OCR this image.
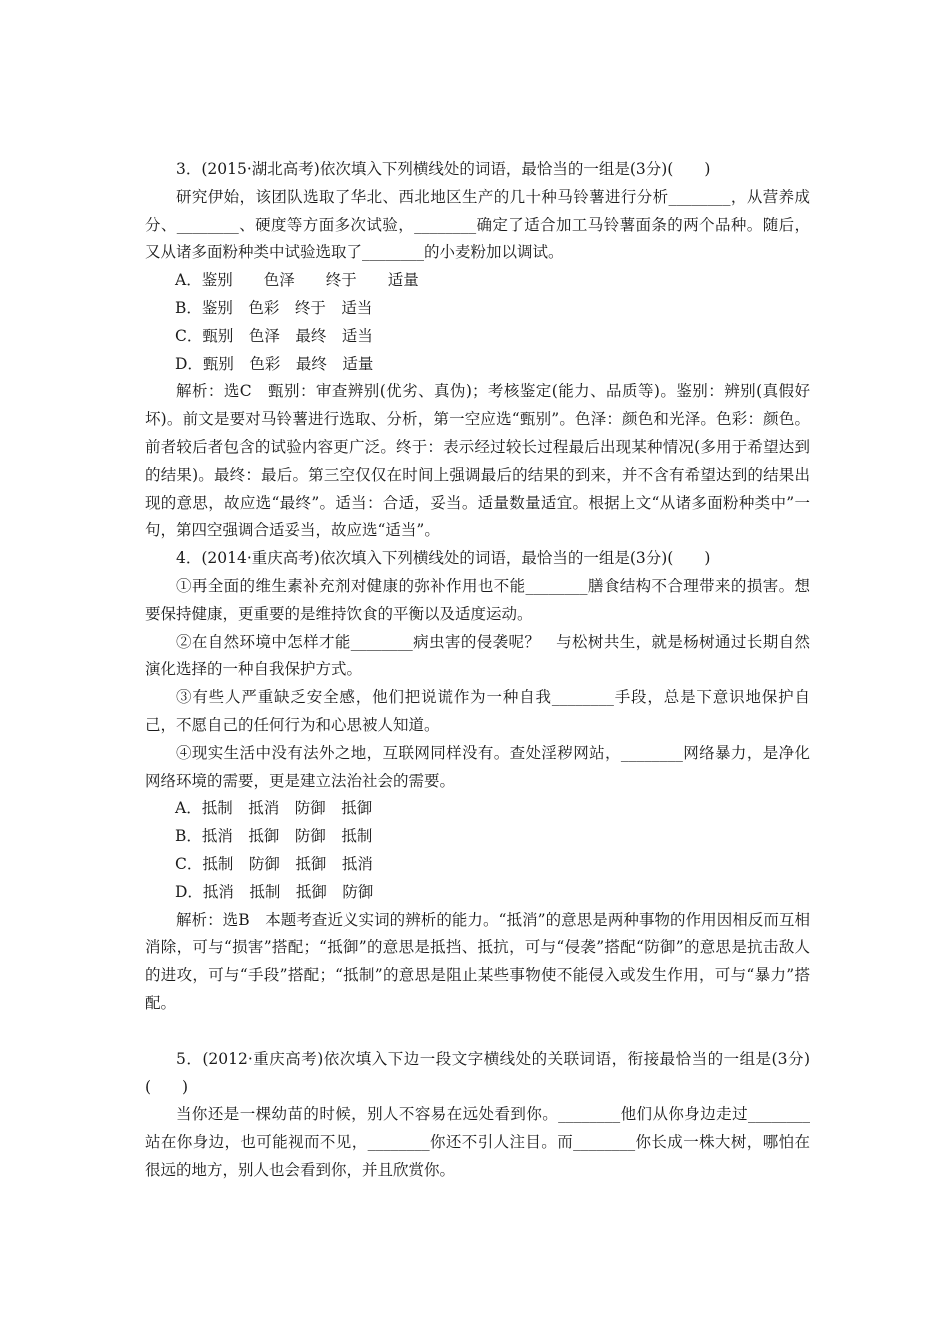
3．(2015·湖北高考)依次填入下列横线处的词语，最恰当的一组是(3分)(　　)

研究伊始，该团队选取了华北、西北地区生产的几十种马铃薯进行分析________，从营养成分、________、硬度等方面多次试验，________确定了适合加工马铃薯面条的两个品种。随后，又从诸多面粉种类中试验选取了________的小麦粉加以调试。

A．鉴别　　色泽　　终于　　适量

B．鉴别　色彩　终于　适当

C．甄别　色泽　最终　适当

D．甄别　色彩　最终　适量

解析：选C　甄别：审查辨别(优劣、真伪)；考核鉴定(能力、品质等)。鉴别：辨别(真假好坏)。前文是要对马铃薯进行选取、分析，第一空应选“甄别”。色泽：颜色和光泽。色彩：颜色。前者较后者包含的试验内容更广泛。终于：表示经过较长过程最后出现某种情况(多用于希望达到的结果)。最终：最后。第三空仅仅在时间上强调最后的结果的到来，并不含有希望达到的结果出现的意思，故应选“最终”。适当：合适，妥当。适量数量适宜。根据上文“从诸多面粉种类中”一句，第四空强调合适妥当，故应选“适当”。

4．(2014·重庆高考)依次填入下列横线处的词语，最恰当的一组是(3分)(　　)

①再全面的维生素补充剂对健康的弥补作用也不能________膳食结构不合理带来的损害。想要保持健康，更重要的是维持饮食的平衡以及适度运动。

②在自然环境中怎样才能________病虫害的侵袭呢？　与松树共生，就是杨树通过长期自然演化选择的一种自我保护方式。

③有些人严重缺乏安全感，他们把说谎作为一种自我________手段，总是下意识地保护自己，不愿自己的任何行为和心思被人知道。

④现实生活中没有法外之地，互联网同样没有。查处淫秽网站，________网络暴力，是净化网络环境的需要，更是建立法治社会的需要。

A．抵制　抵消　防御　抵御

B．抵消　抵御　防御　抵制

C．抵制　防御　抵御　抵消

D．抵消　抵制　抵御　防御

解析：选B　本题考查近义实词的辨析的能力。“抵消”的意思是两种事物的作用因相反而互相消除，可与“损害”搭配；“抵御”的意思是抵挡、抵抗，可与“侵袭”搭配“防御”的意思是抗击敌人的进攻，可与“手段”搭配；“抵制”的意思是阻止某些事物使不能侵入或发生作用，可与“暴力”搭配。

5．(2012·重庆高考)依次填入下边一段文字横线处的关联词语，衔接最恰当的一组是(3分)(　　)

当你还是一棵幼苗的时候，别人不容易在远处看到你。________他们从你身边走过________站在你身边，也可能视而不见，________你还不引人注目。而________你长成一株大树，哪怕在很远的地方，别人也会看到你，并且欣赏你。
